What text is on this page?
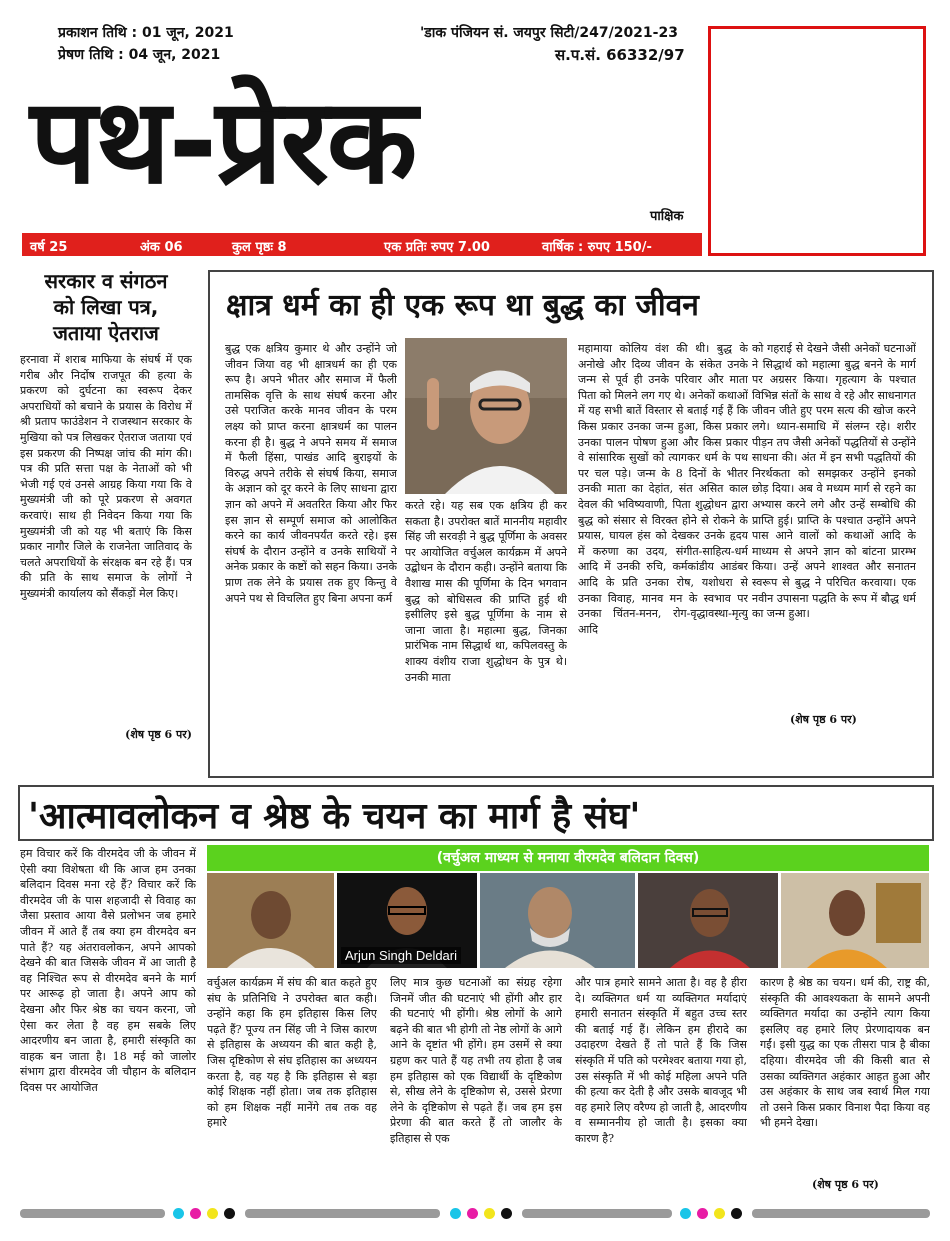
प्रकाशन तिथि : 01 जून, 2021
प्रेषण तिथि : 04 जून, 2021
'डाक पंजियन सं. जयपुर सिटी/247/2021-23
स.प.सं. 66332/97
पथ-प्रेरक
पाक्षिक
वर्ष 25	अंक 06	कुल पृष्ठः 8	एक प्रतिः रुपए 7.00	वार्षिक : रुपए 150/-
सरकार व संगठन
को लिखा पत्र,
जताया ऐतराज
हरनावा में शराब माफिया के संघर्ष में एक गरीब और निर्दोष राजपूत की हत्या के प्रकरण को दुर्घटना का स्वरूप देकर अपराधियों को बचाने के प्रयास के विरोध में श्री प्रताप फाउंडेशन ने राजस्थान सरकार के मुखिया को पत्र लिखकर ऐतराज जताया एवं इस प्रकरण की निष्पक्ष जांच की मांग की। पत्र की प्रति सत्ता पक्ष के नेताओं को भी भेजी गई एवं उनसे आग्रह किया गया कि वे मुख्यमंत्री जी को पूरे प्रकरण से अवगत करवाएं। साथ ही निवेदन किया गया कि मुख्यमंत्री जी को यह भी बताएं कि किस प्रकार नागौर जिले के राजनेता जातिवाद के चलते अपराधियों के संरक्षक बन रहे हैं। पत्र की प्रति के साथ समाज के लोगों ने मुख्यमंत्री कार्यालय को सैंकड़ों मेल किए।
(शेष पृष्ठ 6 पर)
क्षात्र धर्म का ही एक रूप था बुद्ध का जीवन
बुद्ध एक क्षत्रिय कुमार थे और उन्होंने जो जीवन जिया वह भी क्षात्रधर्म का ही एक रूप है। अपने भीतर और समाज में फैली तामसिक वृत्ति के साथ संघर्ष करना और उसे पराजित करके मानव जीवन के परम लक्ष्य को प्राप्त करना क्षात्रधर्म का पालन करना ही है। बुद्ध ने अपने समय में समाज में फैली हिंसा, पाखंड आदि बुराइयों के विरुद्ध अपने तरीके से संघर्ष किया, समाज के अज्ञान को दूर करने के लिए साधना द्वारा ज्ञान को अपने में अवतरित किया और फिर इस ज्ञान से सम्पूर्ण समाज को आलोकित करने का कार्य जीवनपर्यंत करते रहे। इस संघर्ष के दौरान उन्होंने व उनके साथियों ने अनेक प्रकार के कष्टों को सहन किया। उनके प्राण तक लेने के प्रयास तक हुए किन्तु वे अपने पथ से विचलित हुए बिना अपना कर्म
करते रहे। यह सब एक क्षत्रिय ही कर सकता है। उपरोक्त बातें माननीय महावीर सिंह जी सरवड़ी ने बुद्ध पूर्णिमा के अवसर पर आयोजित वर्चुअल कार्यक्रम में अपने उद्बोधन के दौरान कही। उन्होंने बताया कि वैशाख मास की पूर्णिमा के दिन भगवान बुद्ध को बोधिसत्व की प्राप्ति हुई थी इसीलिए इसे बुद्ध पूर्णिमा के नाम से जाना जाता है। महात्मा बुद्ध, जिनका प्रारंभिक नाम सिद्धार्थ था, कपिलवस्तु के शाक्य वंशीय राजा शुद्धोधन के पुत्र थे। उनकी माता
महामाया कोलिय वंश की थी। बुद्ध के अनोखे और दिव्य जीवन के संकेत उनके जन्म से पूर्व ही उनके परिवार और माता पिता को मिलने लग गए थे। अनेकों कथाओं में यह सभी बातें विस्तार से बताई गई हैं कि किस प्रकार उनका जन्म हुआ, किस प्रकार उनका पालन पोषण हुआ और किस प्रकार वे सांसारिक सुखों को त्यागकर धर्म के पथ पर चल पड़े। जन्म के 8 दिनों के भीतर उनकी माता का देहांत, संत असित काल देवल की भविष्यवाणी, पिता शुद्धोधन द्वारा बुद्ध को संसार से विरक्त होने से रोकने के प्रयास, घायल हंस को देखकर उनके हृदय में करुणा का उदय, संगीत-साहित्य-धर्म आदि में उनकी रुचि, कर्मकांडीय आडंबर आदि के प्रति उनका रोष, यशोधरा से उनका विवाह, मानव मन के स्वभाव पर उनका चिंतन-मनन, रोग-वृद्धावस्था-मृत्यु आदि
को गहराई से देखने जैसी अनेकों घटनाओं ने सिद्धार्थ को महात्मा बुद्ध बनने के मार्ग पर अग्रसर किया। गृहत्याग के पश्चात विभिन्न संतों के साथ वे रहे और साधनागत जीवन जीते हुए परम सत्य की खोज करने लगे। ध्यान-समाधि में संलग्न रहे। शरीर पीड़न तप जैसी अनेकों पद्धतियों से उन्होंने साधना की। अंत में इन सभी पद्धतियों की निरर्थकता को समझकर उन्होंने इनको छोड़ दिया। अब वे मध्यम मार्ग से रहने का अभ्यास करने लगे और उन्हें सम्बोधि की प्राप्ति हुई। प्राप्ति के पश्चात उन्होंने अपने पास आने वालों को कथाओं आदि के माध्यम से अपने ज्ञान को बांटना प्रारम्भ किया। उन्हें अपने शाश्वत और सनातन स्वरूप से बुद्ध ने परिचित करवाया। एक नवीन उपासना पद्धति के रूप में बौद्ध धर्म का जन्म हुआ।
(शेष पृष्ठ 6 पर)
'आत्मावलोकन व श्रेष्ठ के चयन का मार्ग है संघ'
हम विचार करें कि वीरमदेव जी के जीवन में ऐसी क्या विशेषता थी कि आज हम उनका बलिदान दिवस मना रहे हैं? विचार करें कि वीरमदेव जी के पास शहजादी से विवाह का जैसा प्रस्ताव आया वैसे प्रलोभन जब हमारे जीवन में आते हैं तब क्या हम वीरमदेव बन पाते हैं? यह अंतरावलोकन, अपने आपको देखने की बात जिसके जीवन में आ जाती है वह निश्चित रूप से वीरमदेव बनने के मार्ग पर आरूढ़ हो जाता है। अपने आप को देखना और फिर श्रेष्ठ का चयन करना, जो ऐसा कर लेता है वह हम सबके लिए आदरणीय बन जाता है, हमारी संस्कृति का वाहक बन जाता है। 18 मई को जालोर संभाग द्वारा वीरमदेव जी चौहान के बलिदान दिवस पर आयोजित
(वर्चुअल माध्यम से मनाया वीरमदेव बलिदान दिवस)
Arjun Singh Deldari
वर्चुअल कार्यक्रम में संघ की बात कहते हुए संघ के प्रतिनिधि ने उपरोक्त बात कही। उन्होंने कहा कि हम इतिहास किस लिए पढ़ते हैं? पूज्य तन सिंह जी ने जिस कारण से इतिहास के अध्ययन की बात कही है, जिस दृष्टिकोण से संघ इतिहास का अध्ययन करता है, वह यह है कि इतिहास से बड़ा कोई शिक्षक नहीं होता। जब तक इतिहास को हम शिक्षक नहीं मानेंगे तब तक वह हमारे
लिए मात्र कुछ घटनाओं का संग्रह रहेगा जिनमें जीत की घटनाएं भी होंगी और हार की घटनाएं भी होंगी। श्रेष्ठ लोगों के आगे बढ़ने की बात भी होगी तो नेष्ठ लोगों के आगे आने के दृष्टांत भी होंगे। हम उसमें से क्या ग्रहण कर पाते हैं यह तभी तय होता है जब हम इतिहास को एक विद्यार्थी के दृष्टिकोण से, सीख लेने के दृष्टिकोण से, उससे प्रेरणा लेने के दृष्टिकोण से पढ़ते हैं। जब हम इस प्रेरणा की बात करते हैं तो जालौर के इतिहास से एक
और पात्र हमारे सामने आता है। वह है हीरा दे। व्यक्तिगत धर्म या व्यक्तिगत मर्यादाएं हमारी सनातन संस्कृति में बहुत उच्च स्तर की बताई गई हैं। लेकिन हम हीरादे का उदाहरण देखते हैं तो पाते हैं कि जिस संस्कृति में पति को परमेश्वर बताया गया हो, उस संस्कृति में भी कोई महिला अपने पति की हत्या कर देती है और उसके बावजूद भी वह हमारे लिए वरैण्य हो जाती है, आदरणीय व सम्माननीय हो जाती है। इसका क्या कारण है?
कारण है श्रेष्ठ का चयन। धर्म की, राष्ट्र की, संस्कृति की आवश्यकता के सामने अपनी व्यक्तिगत मर्यादा का उन्होंने त्याग किया इसलिए वह हमारे लिए प्रेरणादायक बन गईं। इसी युद्ध का एक तीसरा पात्र है बीका दहिया। वीरमदेव जी की किसी बात से उसका व्यक्तिगत अहंकार आहत हुआ और उस अहंकार के साथ जब स्वार्थ मिल गया तो उसने किस प्रकार विनाश पैदा किया वह भी हमने देखा।
(शेष पृष्ठ 6 पर)
